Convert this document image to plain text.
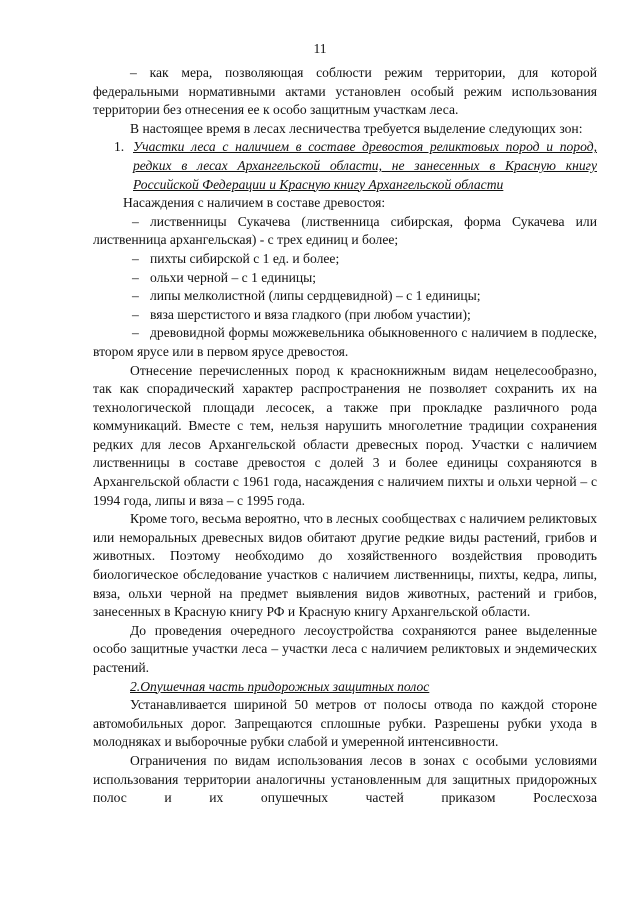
11

– как мера, позволяющая соблюсти режим территории, для которой федеральными нормативными актами установлен особый режим использования территории без отнесения ее к особо защитным участкам леса.

В настоящее время в лесах лесничества требуется выделение следующих зон:

1. Участки леса с наличием в составе древостоя реликтовых пород и пород, редких в лесах Архангельской области, не занесенных в Красную книгу Российской Федерации и Красную книгу Архангельской области

Насаждения с наличием в составе древостоя:

– лиственницы Сукачева (лиственница сибирская, форма Сукачева или лиственница архангельская) - с трех единиц и более;

– пихты сибирской с 1 ед. и более;

– ольхи черной – с 1 единицы;

– липы мелколистной (липы сердцевидной) – с 1 единицы;

– вяза шерстистого и вяза гладкого (при любом участии);

– древовидной формы можжевельника обыкновенного с наличием в подлеске, втором ярусе или в первом ярусе древостоя.

Отнесение перечисленных пород к краснокнижным видам нецелесообразно, так как спорадический характер распространения не позволяет сохранить их на технологической площади лесосек, а также при прокладке различного рода коммуникаций. Вместе с тем, нельзя нарушить многолетние традиции сохранения редких для лесов Архангельской области древесных пород. Участки с наличием лиственницы в составе древостоя с долей 3 и более единицы сохраняются в Архангельской области с 1961 года, насаждения с наличием пихты и ольхи черной – с 1994 года, липы и вяза – с 1995 года.

Кроме того, весьма вероятно, что в лесных сообществах с наличием реликтовых или неморальных древесных видов обитают другие редкие виды растений, грибов и животных. Поэтому необходимо до хозяйственного воздействия проводить биологическое обследование участков с наличием лиственницы, пихты, кедра, липы, вяза, ольхи черной на предмет выявления видов животных, растений и грибов, занесенных в Красную книгу РФ и Красную книгу Архангельской области.

До проведения очередного лесоустройства сохраняются ранее выделенные особо защитные участки леса – участки леса с наличием реликтовых и эндемических растений.

2.Опушечная часть придорожных защитных полос

Устанавливается шириной 50 метров от полосы отвода по каждой стороне автомобильных дорог. Запрещаются сплошные рубки. Разрешены рубки ухода в молодняках и выборочные рубки слабой и умеренной интенсивности.

Ограничения по видам использования лесов в зонах с особыми условиями использования территории аналогичны установленным для защитных придорожных полос и их опушечных частей приказом Рослесхоза
